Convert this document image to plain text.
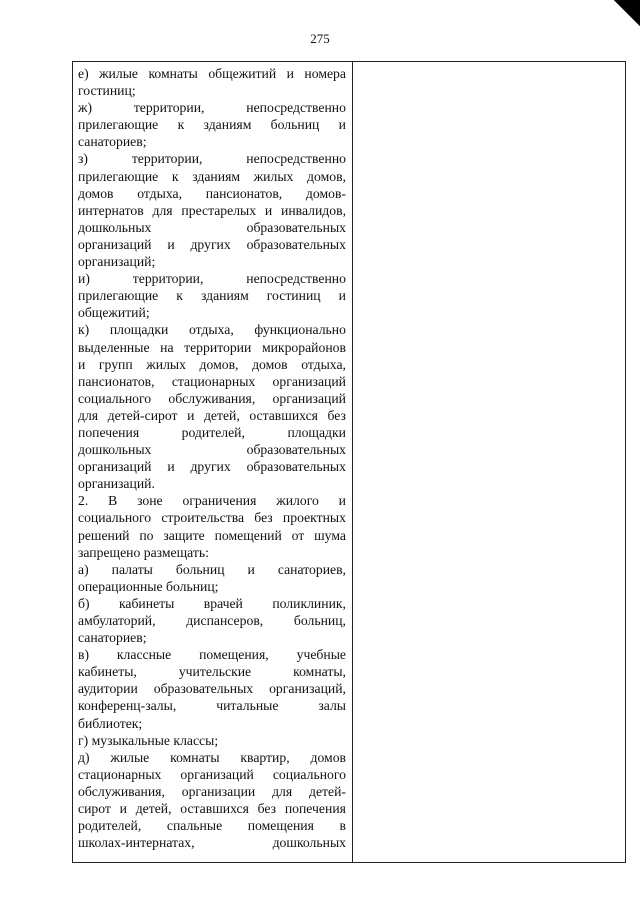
275
е) жилые комнаты общежитий и номера
гостиниц;
ж)	территории,	непосредственно
прилегающие к зданиям больниц и
санаториев;
з)	территории,	непосредственно
прилегающие к зданиям жилых домов,
домов отдыха, пансионатов, домов-
интернатов для престарелых и инвалидов,
дошкольных	образовательных
организаций и других образовательных
организаций;
и)	территории,	непосредственно
прилегающие к зданиям гостиниц и
общежитий;
к) площадки отдыха, функционально
выделенные на территории микрорайонов
и групп жилых домов, домов отдыха,
пансионатов, стационарных организаций
социального обслуживания, организаций
для детей-сирот и детей, оставшихся без
попечения	родителей,	площадки
дошкольных	образовательных
организаций и других образовательных
организаций.
2. В зоне ограничения жилого и
социального строительства без проектных
решений по защите помещений от шума
запрещено размещать:
а) палаты больниц и санаториев,
операционные больниц;
б) кабинеты врачей поликлиник,
амбулаторий, диспансеров, больниц,
санаториев;
в) классные помещения, учебные
кабинеты,	учительские	комнаты,
аудитории образовательных организаций,
конференц-залы,	читальные	залы
библиотек;
г) музыкальные классы;
д) жилые комнаты квартир, домов
стационарных организаций социального
обслуживания, организации для детей-
сирот и детей, оставшихся без попечения
родителей, спальные помещения в
школах-интернатах,	дошкольных
